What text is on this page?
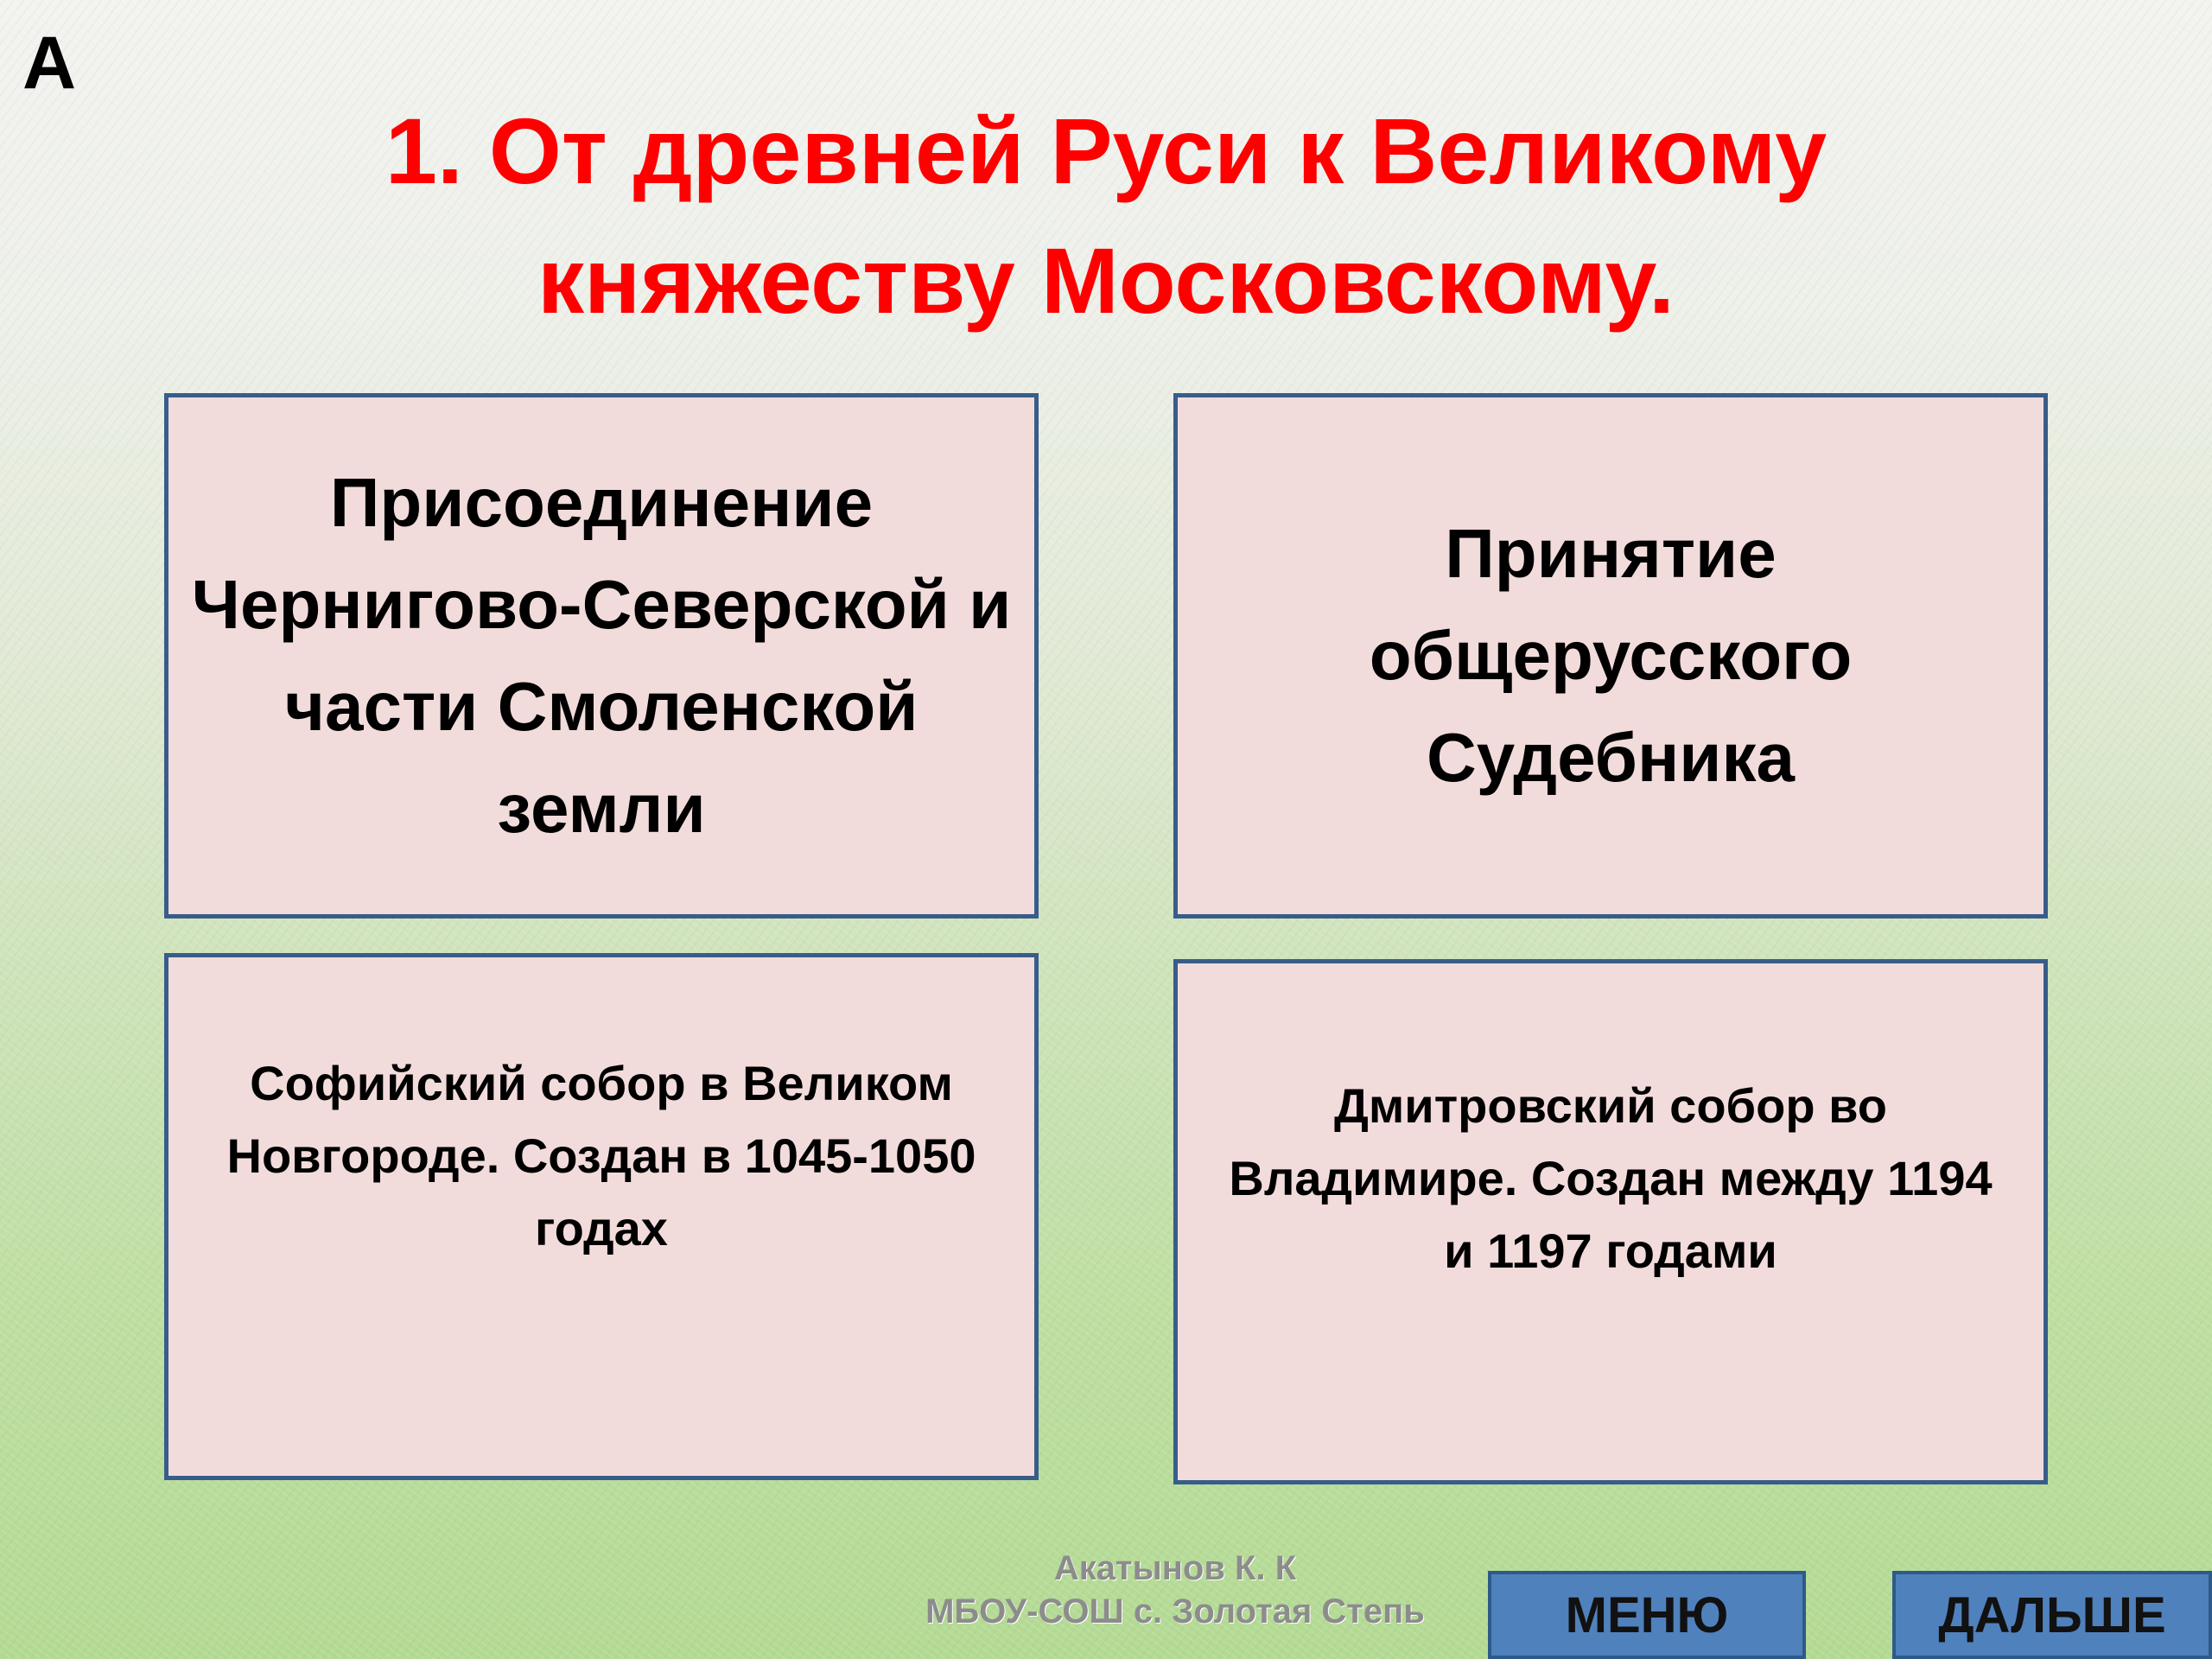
А
1. От древней Руси к Великому
княжеству Московскому.
Присоединение Чернигово-Северской и части Смоленской земли
Принятие общерусского Судебника
Софийский собор в Великом Новгороде. Создан в 1045-1050 годах
Дмитровский собор во Владимире. Создан между 1194 и 1197 годами
Акатынов К. К
МБОУ-СОШ с. Золотая Степь	МЕНЮ	ДАЛЬШЕ
